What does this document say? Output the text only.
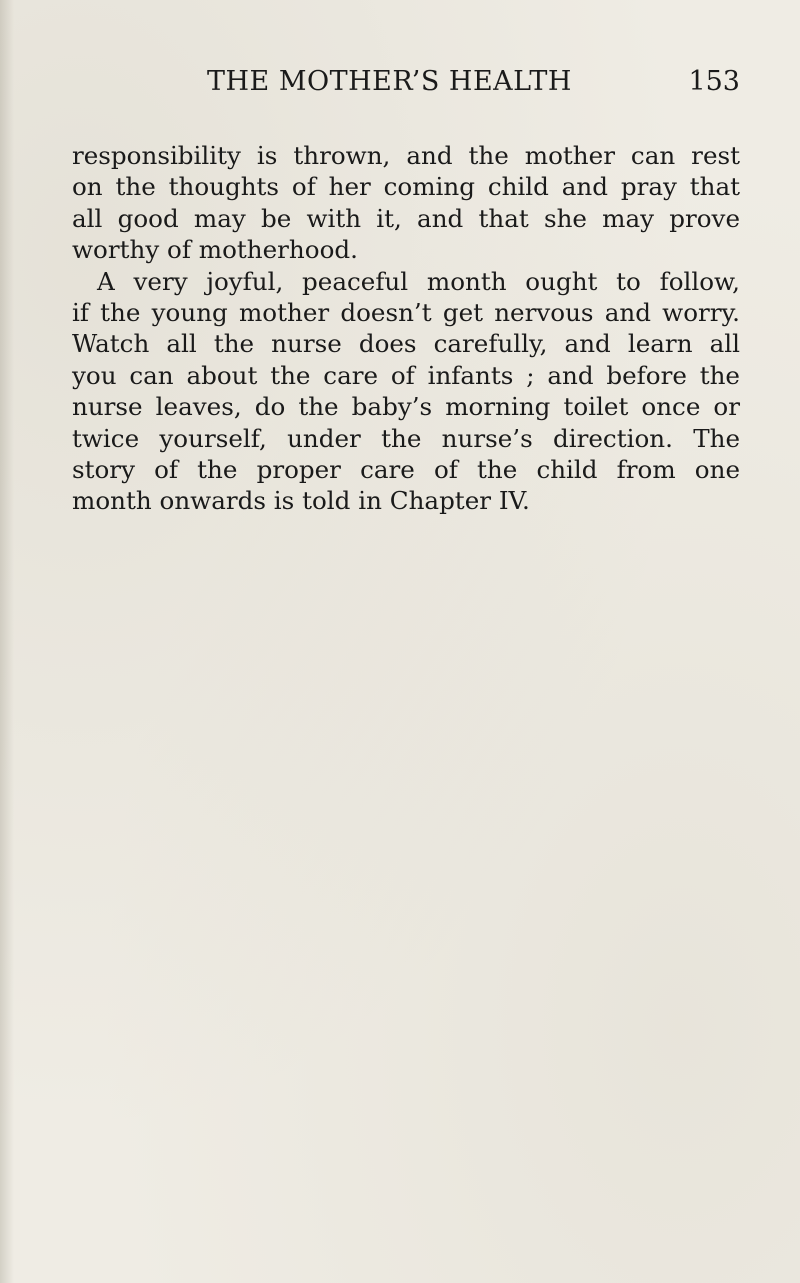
THE MOTHER’S HEALTH	153
responsibility is thrown, and the mother can rest
on the thoughts of her coming child and pray that
all good may be with it, and that she may prove
worthy of motherhood.
A very joyful, peaceful month ought to follow,
if the young mother doesn’t get nervous and worry.
Watch all the nurse does carefully, and learn all
you can about the care of infants ; and before the
nurse leaves, do the baby’s morning toilet once or
twice yourself, under the nurse’s direction. The
story of the proper care of the child from one
month onwards is told in Chapter IV.
